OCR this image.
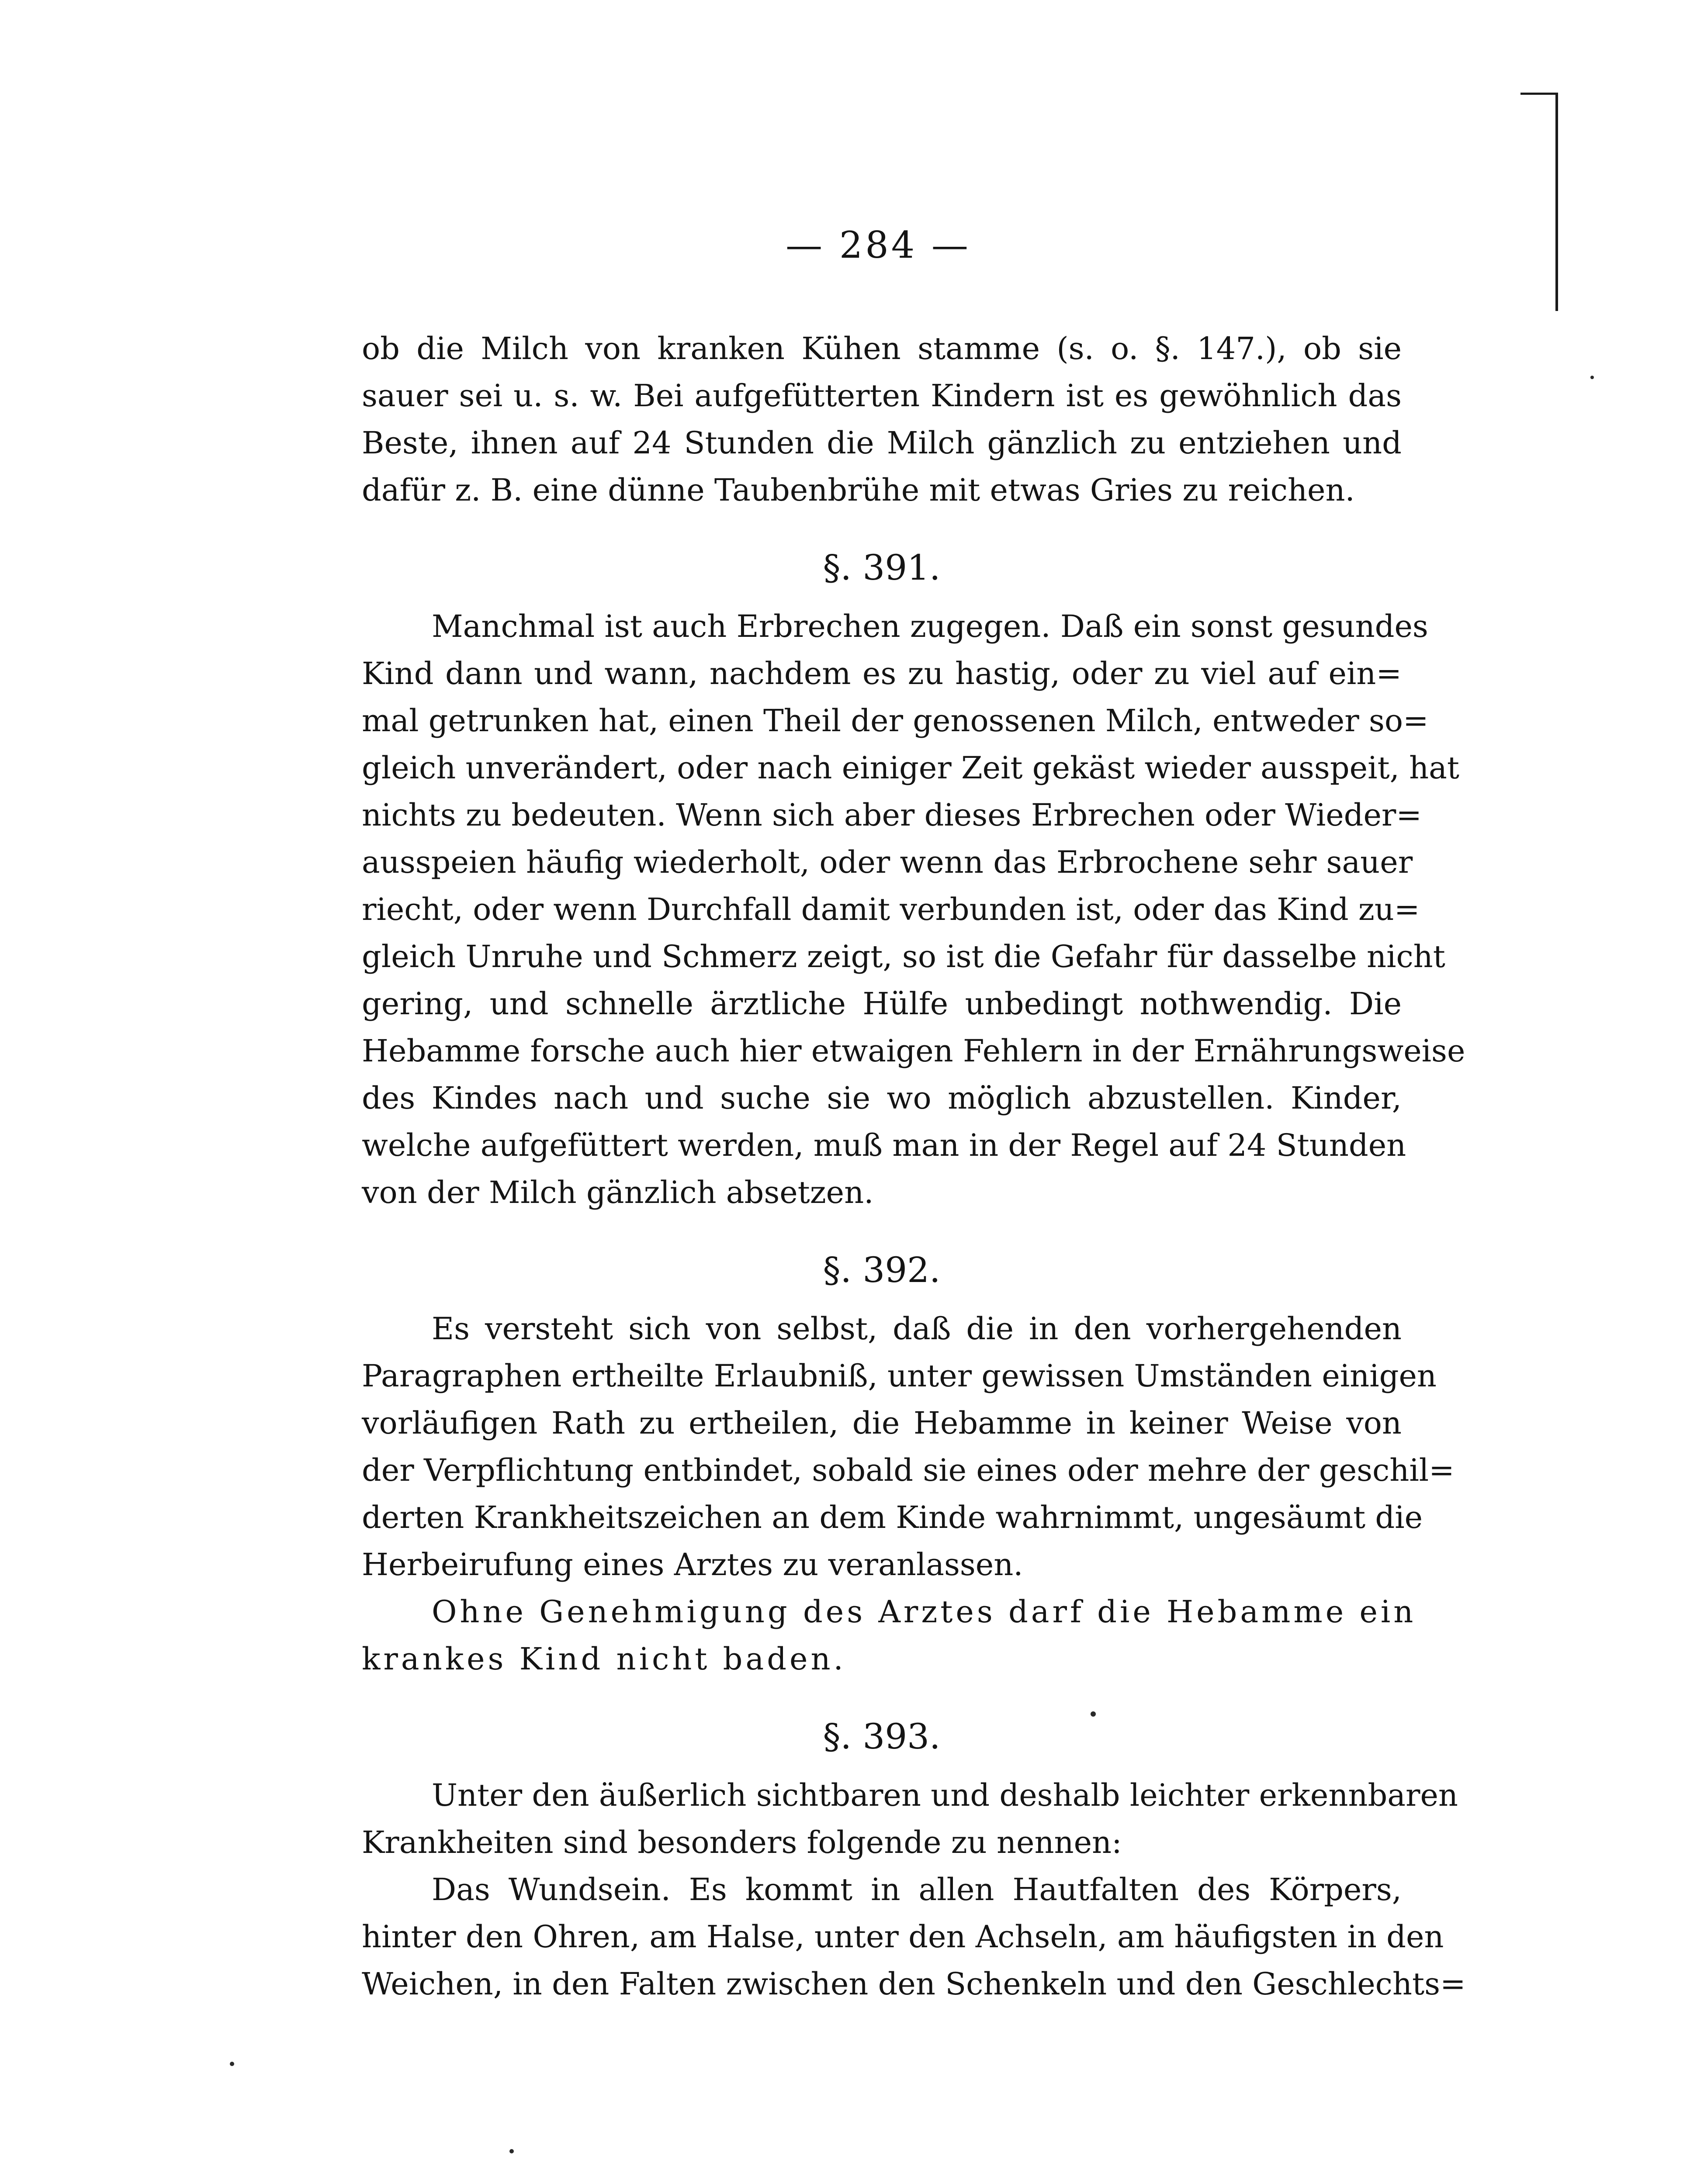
— 284 —
ob die Milch von kranken Kühen stamme (s. o. §. 147.), ob sie
sauer sei u. s. w. Bei aufgefütterten Kindern ist es gewöhnlich das
Beste, ihnen auf 24 Stunden die Milch gänzlich zu entziehen und
dafür z. B. eine dünne Taubenbrühe mit etwas Gries zu reichen.
§. 391.
Manchmal ist auch Erbrechen zugegen. Daß ein sonst gesundes
Kind dann und wann, nachdem es zu hastig, oder zu viel auf ein=
mal getrunken hat, einen Theil der genossenen Milch, entweder so=
gleich unverändert, oder nach einiger Zeit gekäst wieder ausspeit, hat
nichts zu bedeuten. Wenn sich aber dieses Erbrechen oder Wieder=
ausspeien häufig wiederholt, oder wenn das Erbrochene sehr sauer
riecht, oder wenn Durchfall damit verbunden ist, oder das Kind zu=
gleich Unruhe und Schmerz zeigt, so ist die Gefahr für dasselbe nicht
gering, und schnelle ärztliche Hülfe unbedingt nothwendig. Die
Hebamme forsche auch hier etwaigen Fehlern in der Ernährungsweise
des Kindes nach und suche sie wo möglich abzustellen. Kinder,
welche aufgefüttert werden, muß man in der Regel auf 24 Stunden
von der Milch gänzlich absetzen.
§. 392.
Es versteht sich von selbst, daß die in den vorhergehenden
Paragraphen ertheilte Erlaubniß, unter gewissen Umständen einigen
vorläufigen Rath zu ertheilen, die Hebamme in keiner Weise von
der Verpflichtung entbindet, sobald sie eines oder mehre der geschil=
derten Krankheitszeichen an dem Kinde wahrnimmt, ungesäumt die
Herbeirufung eines Arztes zu veranlassen.
Ohne Genehmigung des Arztes darf die Hebamme ein
krankes Kind nicht baden.
§. 393.
Unter den äußerlich sichtbaren und deshalb leichter erkennbaren
Krankheiten sind besonders folgende zu nennen:
Das Wundsein. Es kommt in allen Hautfalten des Körpers,
hinter den Ohren, am Halse, unter den Achseln, am häufigsten in den
Weichen, in den Falten zwischen den Schenkeln und den Geschlechts=
